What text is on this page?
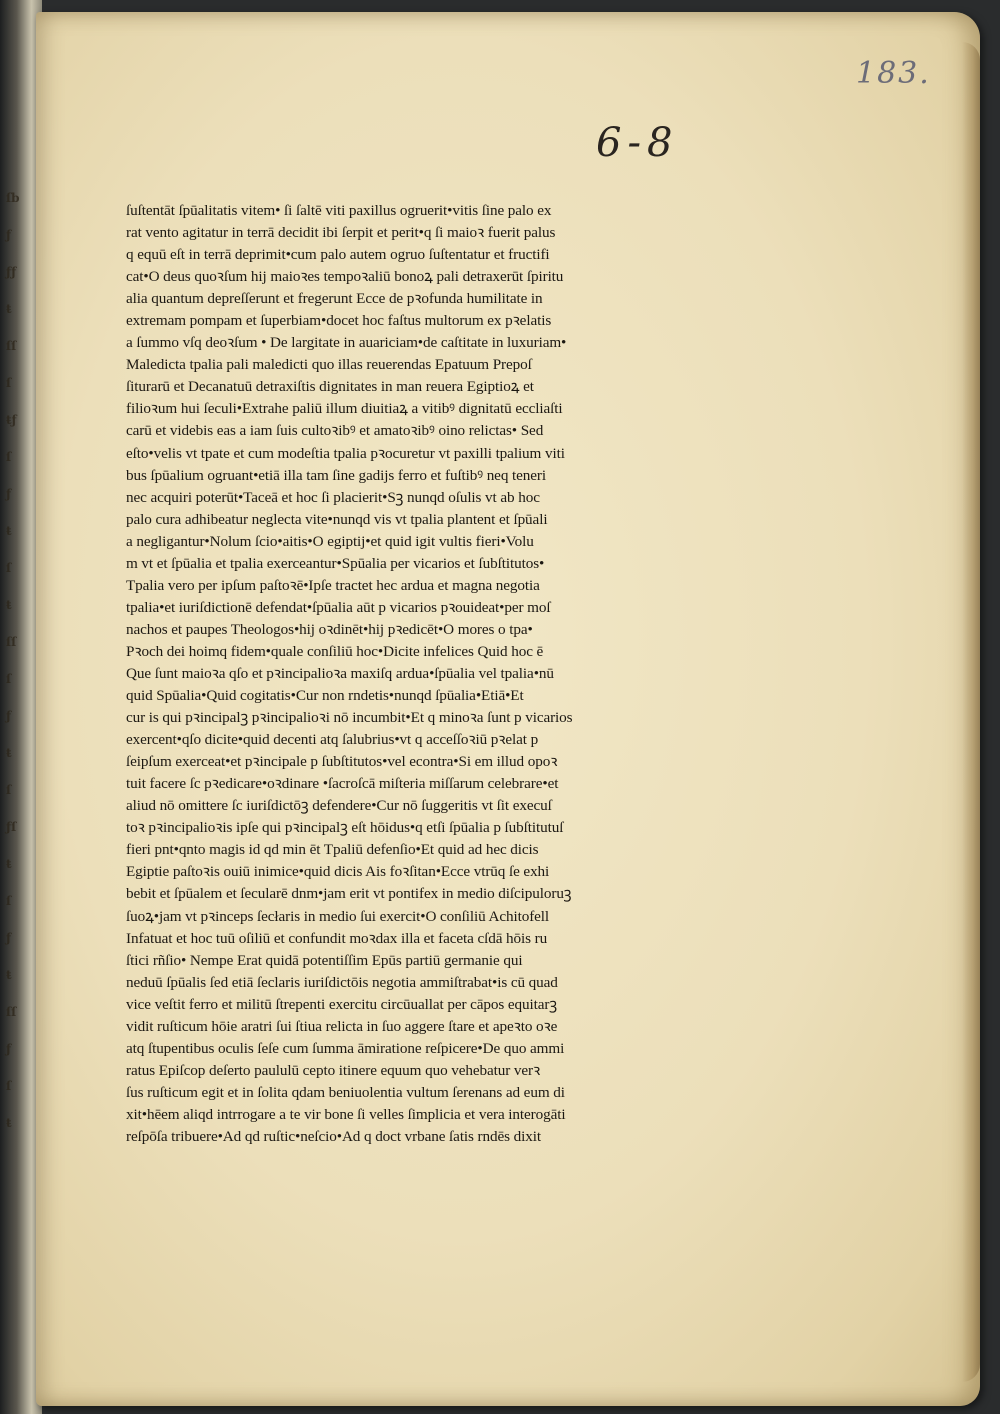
ſb
ƒ
ƒƒ
ŧ
ſſ
ſ
ŧƒ
ſ
ƒ
ŧ
ſ
ŧ
ſſ
ſ
ƒ
ŧ
ſ
ƒſ
ŧ
ſ
ƒ
ŧ
ſſ
ƒ
ſ
ŧ
183.
6-8
ſuſtentāt ſpūalitatis vitem• ſi ſaltē viti paxillus ogruerit•vitis ſine palo ex
rat vento agitatur in terrā decidit ibi ſerpit et perit•q ſi maioꝛ fuerit palus
q equū eſt in terrā deprimit•cum palo autem ogruo ſuſtentatur et fructifi
cat•O deus quoꝛſum hij maioꝛes tempoꝛaliū bonoꝝ pali detraxerūt ſpiritu
alia quantum depreſſerunt et fregerunt Ecce de pꝛofunda humilitate in
extremam pompam et ſuperbiam•docet hoc faſtus multorum ex pꝛelatis
a ſummo vſq deoꝛſum • De largitate in auariciam•de caſtitate in luxuriam•
Maledicta tpalia pali maledicti quo illas reuerendas Epatuum Prepoſ
ſiturarū et Decanatuū detraxiſtis dignitates in man reuera Egiptioꝝ et
filioꝛum hui ſeculi•Extrahe paliū illum diuitiaꝝ a vitibꝰ dignitatū eccliaſti
carū et videbis eas a iam ſuis cultoꝛibꝰ et amatoꝛibꝰ oino relictas• Sed
eſto•velis vt tpate et cum modeſtia tpalia pꝛocuretur vt paxilli tpalium viti
bus ſpūalium ogruant•etiā illa tam ſine gadijs ferro et fuſtibꝰ neq teneri
nec acquiri poterūt•Taceā et hoc ſi placierit•Sꝫ nunqd oſulis vt ab hoc
palo cura adhibeatur neglecta vite•nunqd vis vt tpalia plantent et ſpūali
a negligantur•Nolum ſcio•aitis•O egiptij•et quid igit vultis fieri•Volu
m vt et ſpūalia et tpalia exerceantur•Spūalia per vicarios et ſubſtitutos•
Tpalia vero per ipſum paſtoꝛē•Ipſe tractet hec ardua et magna negotia
tpalia•et iuriſdictionē defendat•ſpūalia aūt p vicarios pꝛouideat•per moſ
nachos et paupes Theologos•hij oꝛdinēt•hij pꝛedicēt•O mores o tpa•
Pꝛoch dei hoimq fidem•quale conſiliū hoc•Dicite infelices Quid hoc ē
Que ſunt maioꝛa qſo et pꝛincipalioꝛa maxiſq ardua•ſpūalia vel tpalia•nū
quid Spūalia•Quid cogitatis•Cur non rndetis•nunqd ſpūalia•Etiā•Et
cur is qui pꝛincipalꝫ pꝛincipalioꝛi nō incumbit•Et q minoꝛa ſunt p vicarios
exercent•qſo dicite•quid decenti atq ſalubrius•vt q acceſſoꝛiū pꝛelat p
ſeipſum exerceat•et pꝛincipale p ſubſtitutos•vel econtra•Si em illud opoꝛ
tuit facere ſc pꝛedicare•oꝛdinare •ſacroſcā miſteria miſſarum celebrare•et
aliud nō omittere ſc iuriſdictōꝫ defendere•Cur nō ſuggeritis vt ſit execuſ
toꝛ pꝛincipalioꝛis ipſe qui pꝛincipalꝫ eſt hōidus•q etſi ſpūalia p ſubſtitutuſ
fieri pnt•qnto magis id qd min ēt Tpaliū defenſio•Et quid ad hec dicis
Egiptie paſtoꝛis ouiū inimice•quid dicis Ais foꝛſitan•Ecce vtrūq ſe exhi
bebit et ſpūalem et ſecularē dnm•jam erit vt pontifex in medio diſcipuloruꝫ
ſuoꝝ•jam vt pꝛinceps ſecłaris in medio ſui exercit•O conſiliū Achitofell
Infatuat et hoc tuū oſiliū et confundit moꝛdax illa et faceta cſdā hōis ru
ſtici rñſio• Nempe Erat quidā potentiſſim Epūs partiū germanie qui
neduū ſpūalis ſed etiā ſeclaris iuriſdictōis negotia ammiſtrabat•is cū quad
vice veſtit ferro et militū ſtrepenti exercitu circūuallat per cāpos equitarꝫ
vidit ruſticum hōie aratri ſui ſtiua relicta in ſuo aggere ſtare et apeꝛto oꝛe
atq ſtupentibus oculis ſeſe cum ſumma āmiratione reſpicere•De quo ammi
ratus Epiſcop deſerto paululū cepto itinere equum quo vehebatur verꝛ
ſus ruſticum egit et in ſolita qdam beniuolentia vultum ſerenans ad eum di
xit•hēem aliqd intrrogare a te vir bone ſi velles ſimplicia et vera interogāti
reſpōſa tribuere•Ad qd ruſtic•neſcio•Ad q doct vrbane ſatis rndēs dixit
